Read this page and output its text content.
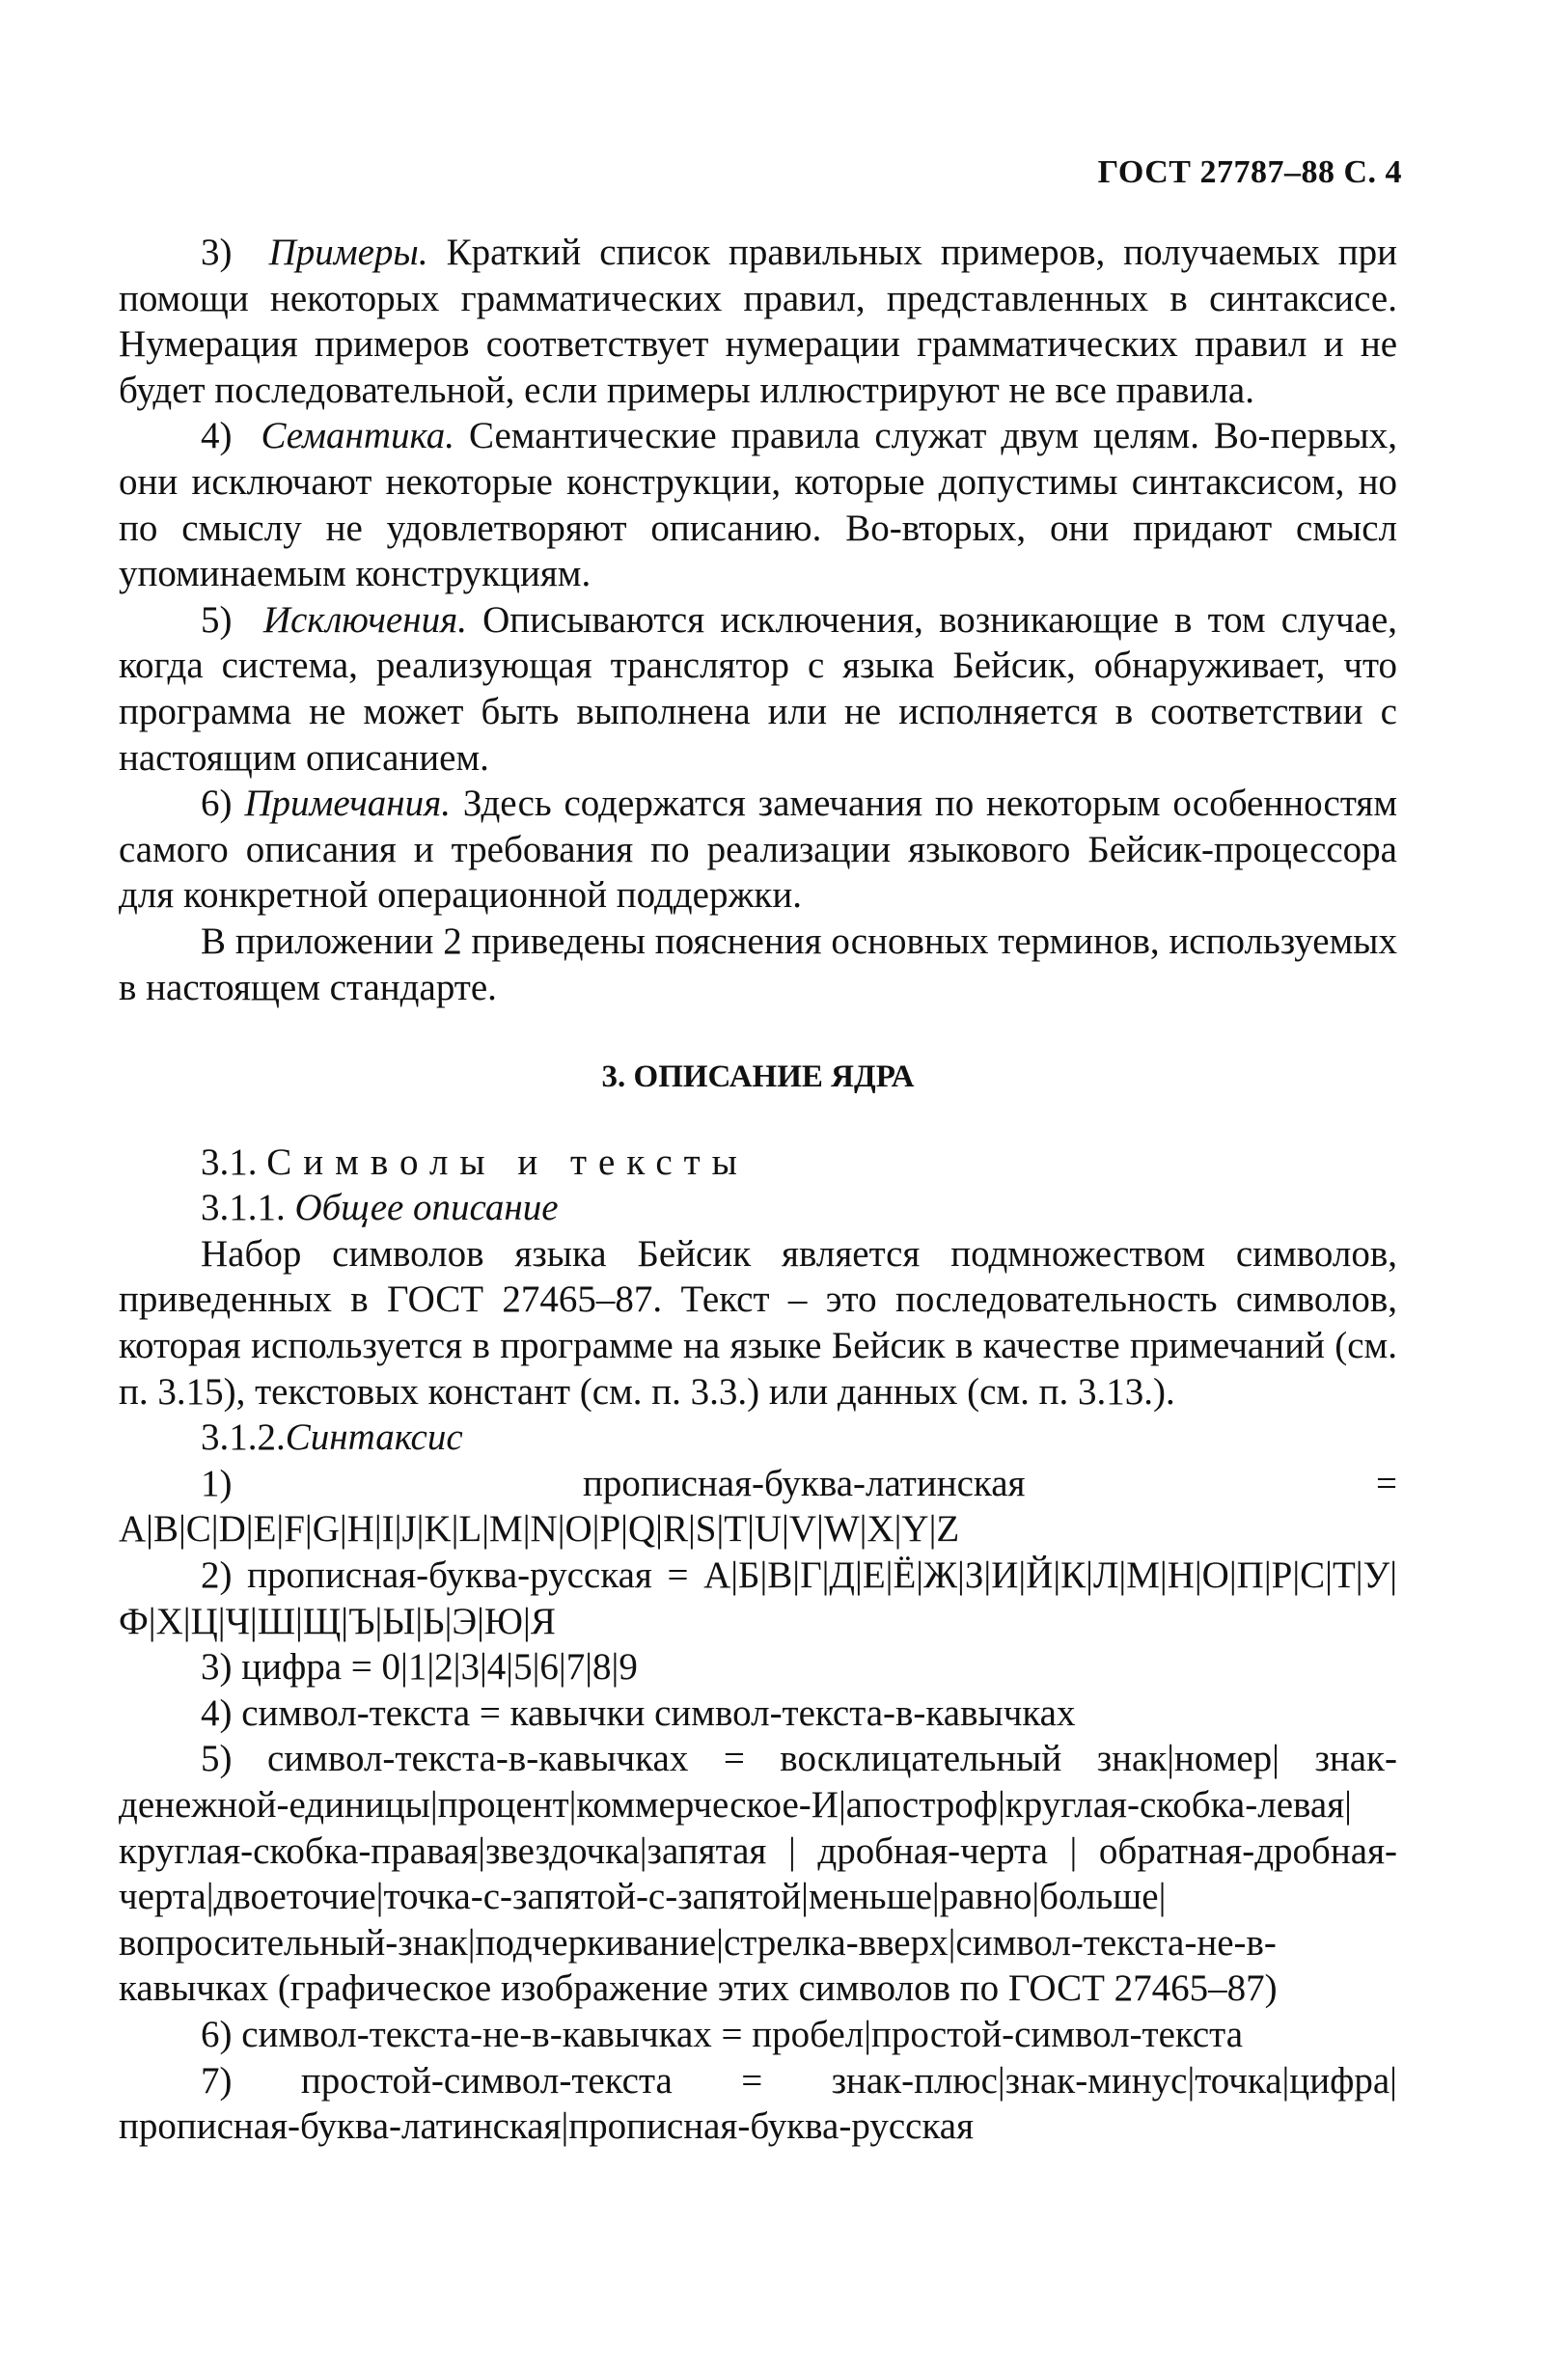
ГОСТ 27787–88 С. 4

3) Примеры. Краткий список правильных примеров, получаемых при помощи некоторых грамматических правил, представленных в синтаксисе. Нумерация примеров соответствует нумерации грамматических правил и не будет последовательной, если примеры иллюстрируют не все правила.

4) Семантика. Семантические правила служат двум целям. Во-первых, они исключают некоторые конструкции, которые допустимы синтаксисом, но по смыслу не удовлетворяют описанию. Во-вторых, они придают смысл упоминаемым конструкциям.

5) Исключения. Описываются исключения, возникающие в том случае, когда система, реализующая транслятор с языка Бейсик, обнаруживает, что программа не может быть выполнена или не исполняется в соответствии с настоящим описанием.

6) Примечания. Здесь содержатся замечания по некоторым особенностям самого описания и требования по реализации языкового Бейсик-процессора для конкретной операционной поддержки.

В приложении 2 приведены пояснения основных терминов, используемых в настоящем стандарте.

3. ОПИСАНИЕ ЯДРА

3.1. Символы и тексты

3.1.1. Общее описание

Набор символов языка Бейсик является подмножеством символов, приведенных в ГОСТ 27465–87. Текст – это последовательность символов, которая используется в программе на языке Бейсик в качестве примечаний (см. п. 3.15), текстовых констант (см. п. 3.3.) или данных (см. п. 3.13.).

3.1.2.Синтаксис

1) прописная-буква-латинская = A|B|C|D|E|F|G|H|I|J|K|L|M|N|O|P|Q|R|S|T|U|V|W|X|Y|Z

2) прописная-буква-русская = А|Б|В|Г|Д|Е|Ё|Ж|З|И|Й|К|Л|М|Н|О|П|Р|С|Т|У|Ф|Х|Ц|Ч|Ш|Щ|Ъ|Ы|Ь|Э|Ю|Я

3) цифра = 0|1|2|3|4|5|6|7|8|9

4) символ-текста = кавычки символ-текста-в-кавычках

5) символ-текста-в-кавычках = восклицательный знак|номер| знак-денежной-единицы|процент|коммерческое-И|апостроф|круглая-скобка-левая|круглая-скобка-правая|звездочка|запятая | дробная-черта | обратная-дробная-черта|двоеточие|точка-с-запятой-с-запятой|меньше|равно|больше|вопросительный-знак|подчеркивание|стрелка-вверх|символ-текста-не-в-кавычках (графическое изображение этих символов по ГОСТ 27465–87)

6) символ-текста-не-в-кавычках = пробел|простой-символ-текста

7) простой-символ-текста = знак-плюс|знак-минус|точка|цифра| прописная-буква-латинская|прописная-буква-русская
